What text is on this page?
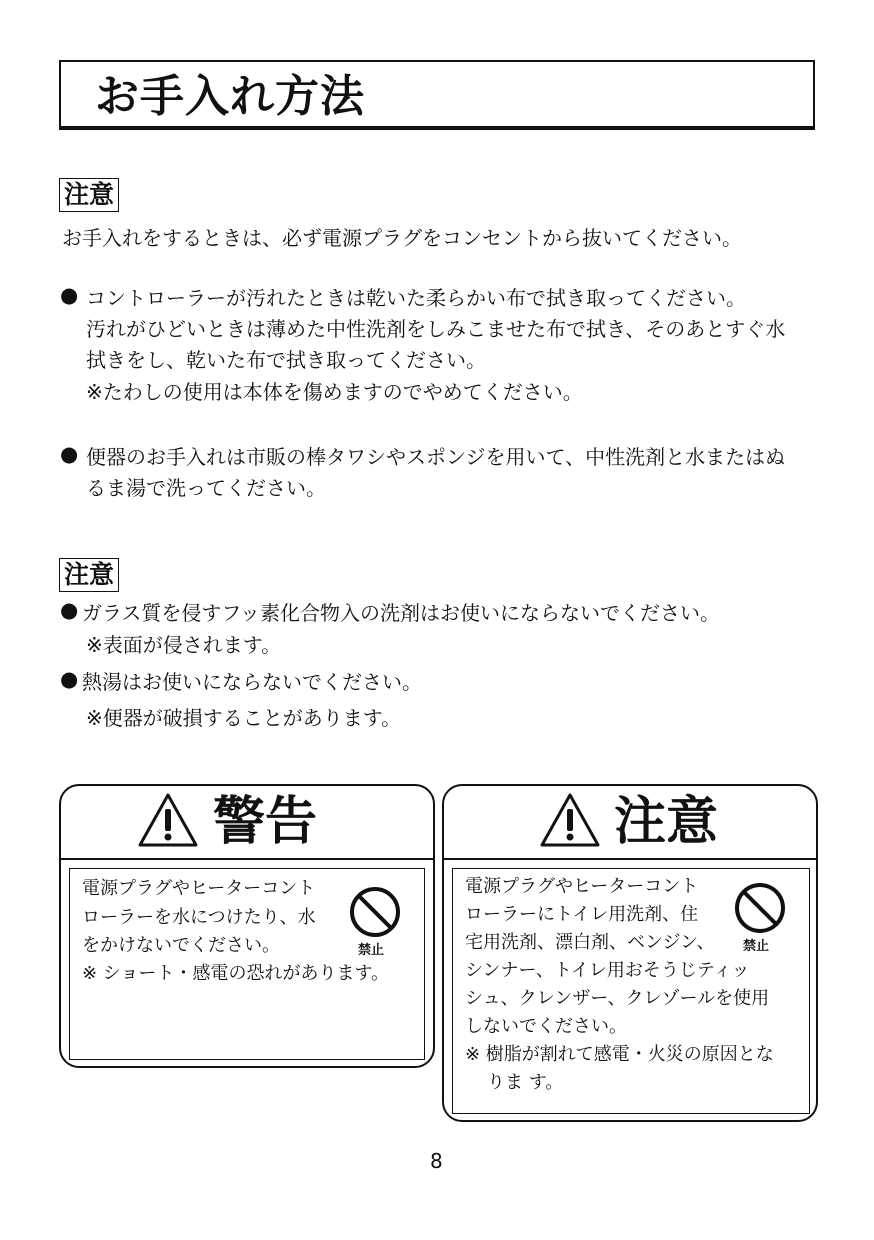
お手入れ方法
注意
お手入れをするときは、必ず電源プラグをコンセントから抜いてください。
● コントローラーが汚れたときは乾いた柔らかい布で拭き取ってください。
汚れがひどいときは薄めた中性洗剤をしみこませた布で拭き、そのあとすぐ水
拭きをし、乾いた布で拭き取ってください。
※たわしの使用は本体を傷めますのでやめてください。
● 便器のお手入れは市販の棒タワシやスポンジを用いて、中性洗剤と水またはぬ
るま湯で洗ってください。
注意
● ガラス質を侵すフッ素化合物入の洗剤はお使いにならないでください。
※表面が侵されます。
● 熱湯はお使いにならないでください。
※便器が破損することがあります。
警告
電源プラグやヒーターコント
ローラーを水につけたり、水
をかけないでください。
※ ショート・感電の恐れがあります。
禁止
注意
電源プラグやヒーターコント
ローラーにトイレ用洗剤、住
宅用洗剤、漂白剤、ベンジン、
シンナー、トイレ用おそうじティッ
シュ、クレンザー、クレゾールを使用
しないでください。
※ 樹脂が割れて感電・火災の原因とな
りま す。
禁止
8
